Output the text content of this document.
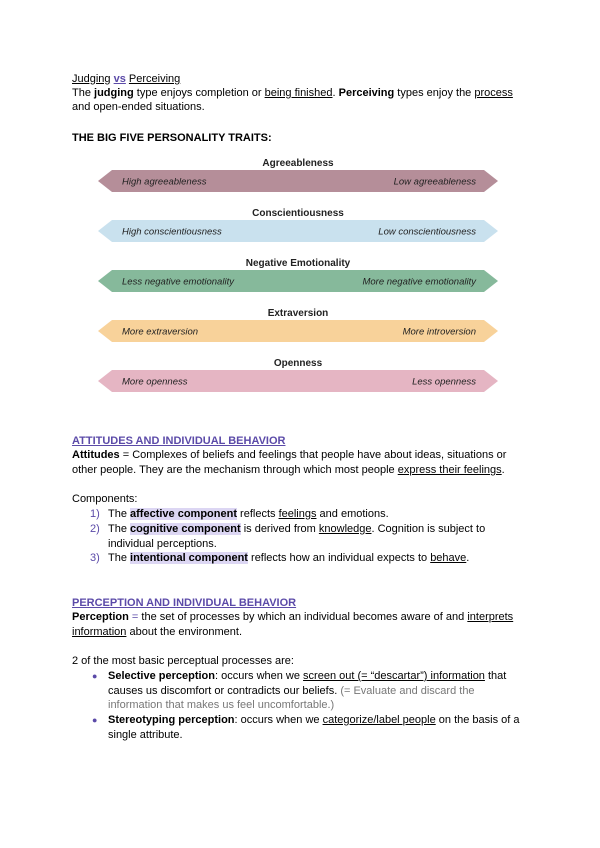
Judging vs Perceiving
The judging type enjoys completion or being finished. Perceiving types enjoy the process
and open-ended situations.
THE BIG FIVE PERSONALITY TRAITS:
Agreeableness
High agreeableness	Low agreeableness
Conscientiousness
High conscientiousness	Low conscientiousness
Negative Emotionality
Less negative emotionality	More negative emotionality
Extraversion
More extraversion	More introversion
Openness
More openness	Less openness
ATTITUDES AND INDIVIDUAL BEHAVIOR
Attitudes = Complexes of beliefs and feelings that people have about ideas, situations or
other people. They are the mechanism through which most people express their feelings.
Components:
1) The affective component reflects feelings and emotions.
2) The cognitive component is derived from knowledge. Cognition is subject to
individual perceptions.
3) The intentional component reflects how an individual expects to behave.
PERCEPTION AND INDIVIDUAL BEHAVIOR
Perception = the set of processes by which an individual becomes aware of and interprets
information about the environment.
2 of the most basic perceptual processes are:
● Selective perception: occurs when we screen out (= “descartar”) information that
causes us discomfort or contradicts our beliefs. (= Evaluate and discard the
information that makes us feel uncomfortable.)
● Stereotyping perception: occurs when we categorize/label people on the basis of a
single attribute.
